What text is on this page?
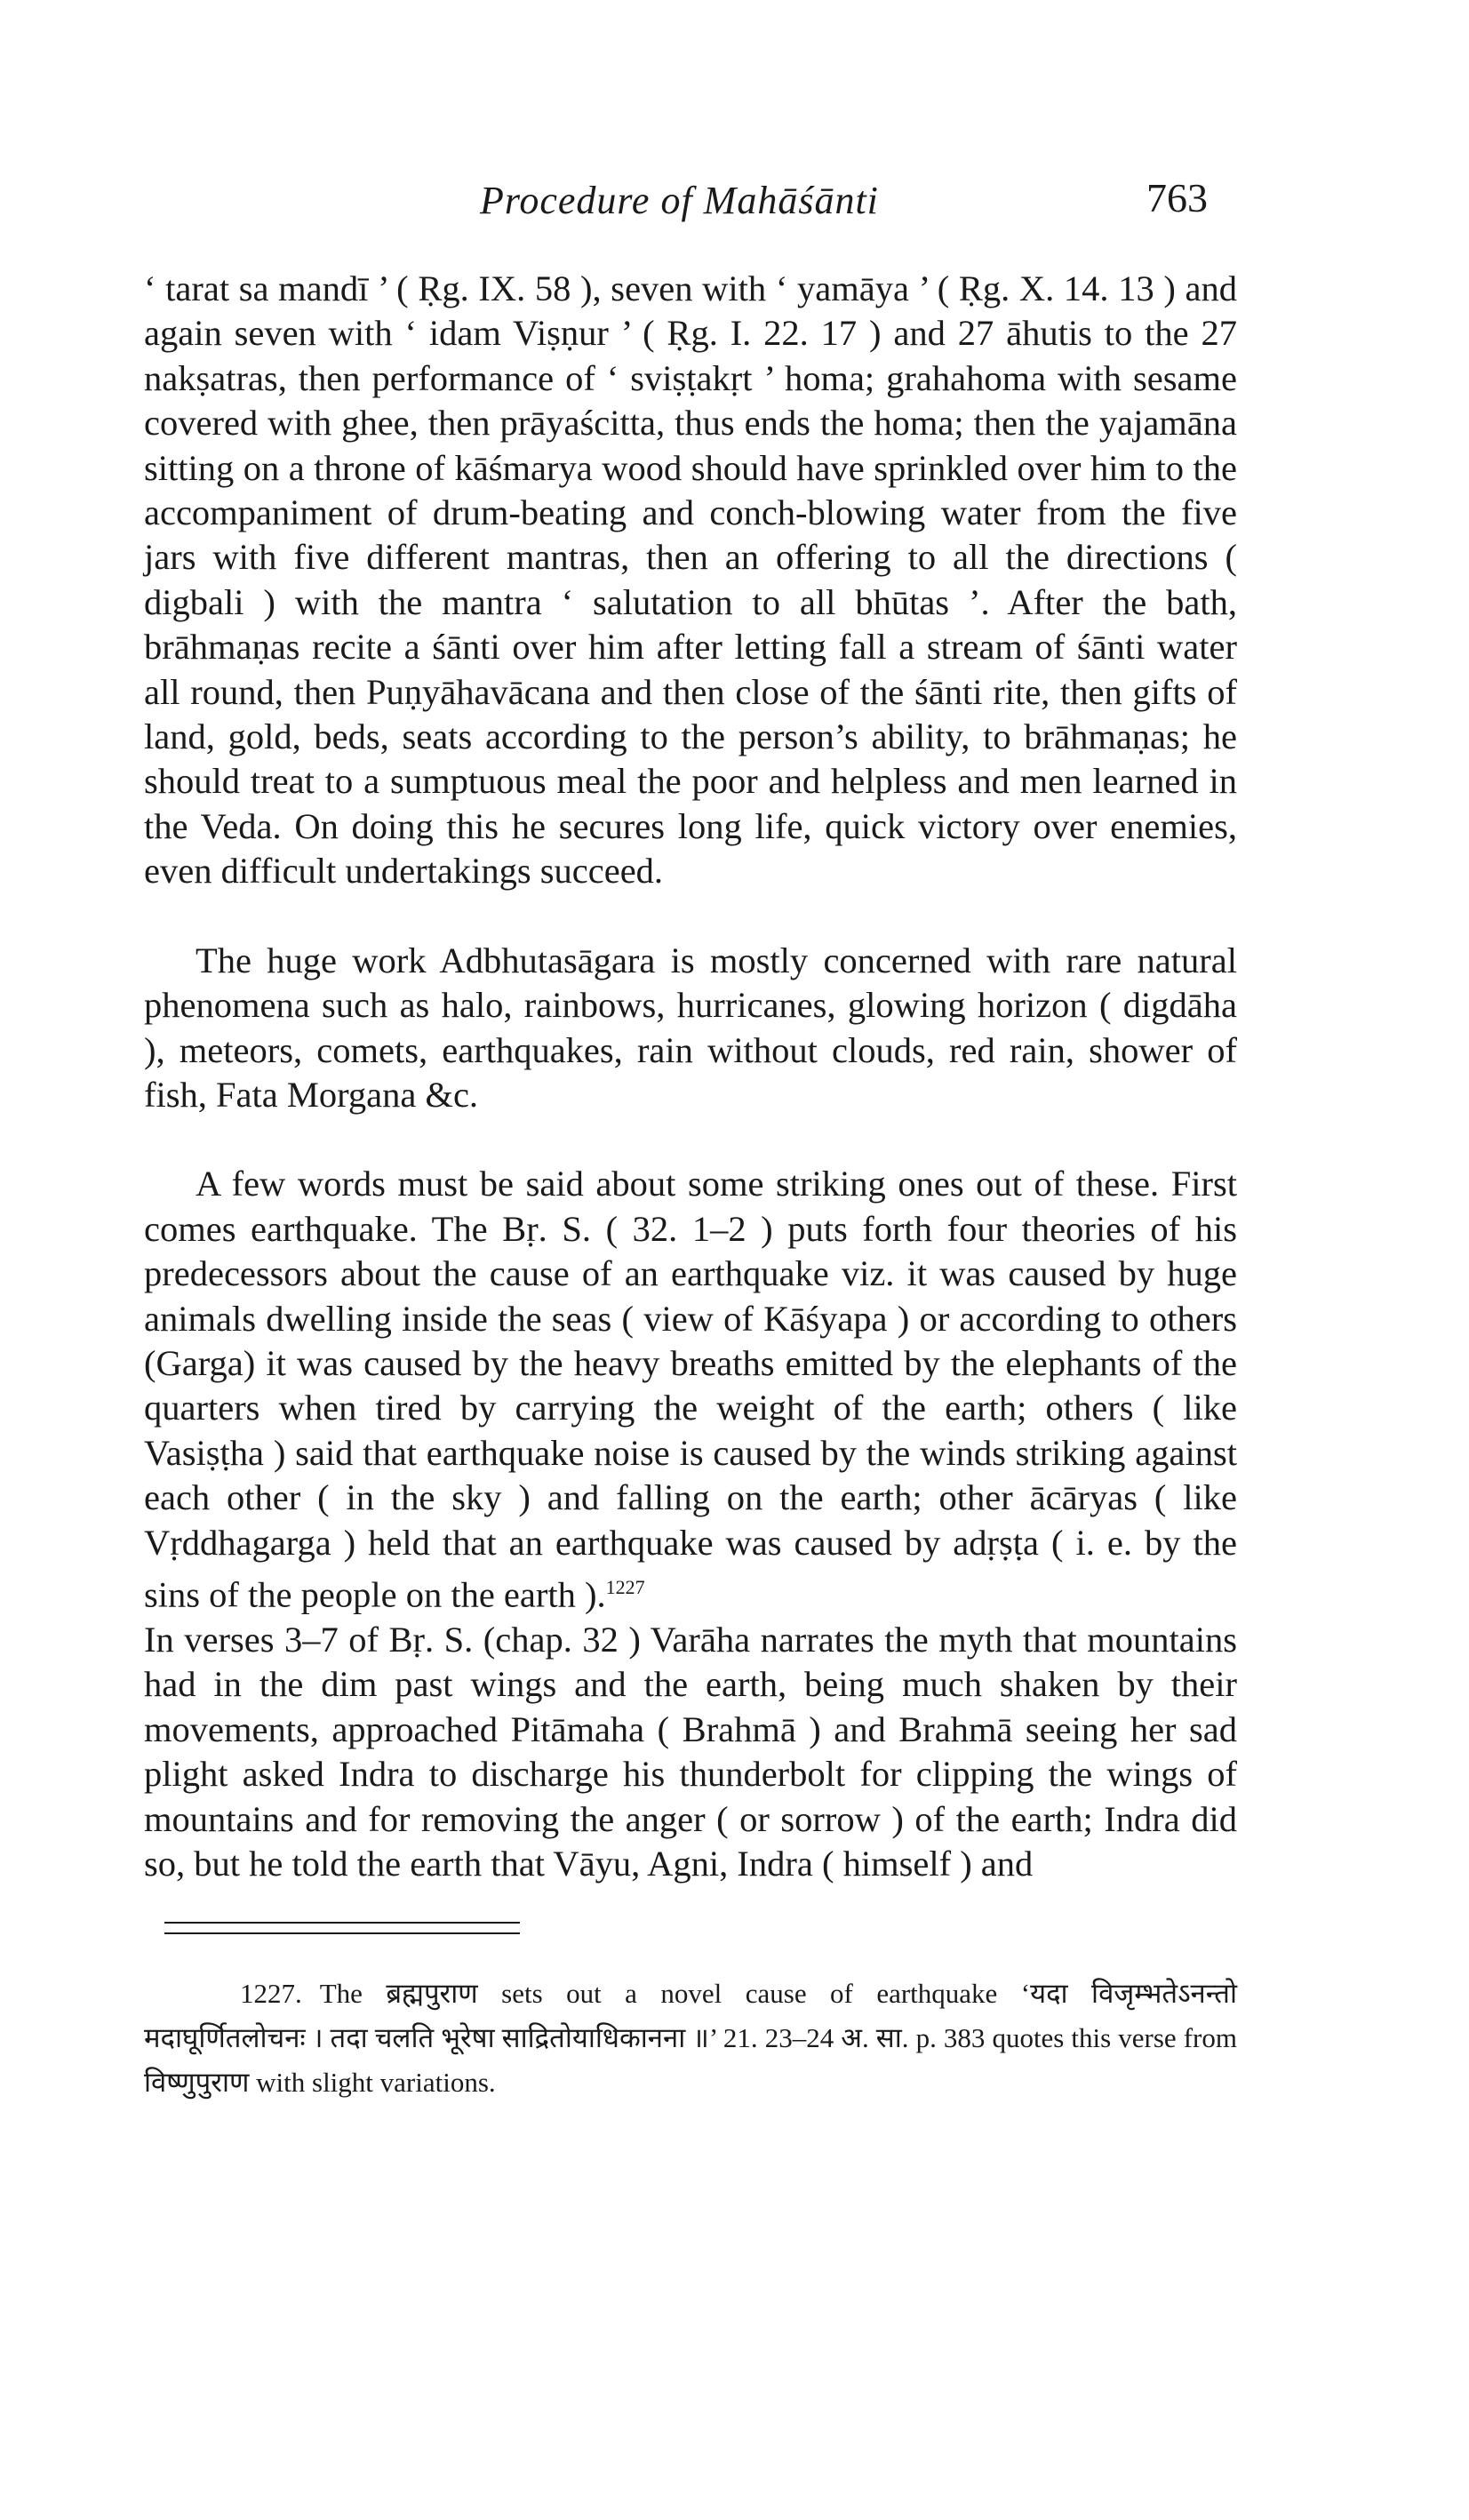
Procedure of Mahāśānti	763

‘ tarat sa mandī ’ ( Ṛg. IX. 58 ), seven with ‘ yamāya ’ ( Ṛg. X. 14. 13 ) and again seven with ‘ idam Viṣṇur ’ ( Ṛg. I. 22. 17 ) and 27 āhutis to the 27 nakṣatras, then performance of ‘ sviṣṭakṛt ’ homa; grahahoma with sesame covered with ghee, then prāyaścitta, thus ends the homa; then the yajamāna sitting on a throne of kāśmarya wood should have sprinkled over him to the accompaniment of drum-beating and conch-blowing water from the five jars with five different mantras, then an offering to all the directions ( digbali ) with the mantra ‘ salutation to all bhūtas ’. After the bath, brāhmaṇas recite a śānti over him after letting fall a stream of śānti water all round, then Puṇyāhavācana and then close of the śānti rite, then gifts of land, gold, beds, seats according to the person’s ability, to brāhmaṇas; he should treat to a sumptuous meal the poor and helpless and men learned in the Veda. On doing this he secures long life, quick victory over enemies, even difficult undertakings succeed.

The huge work Adbhutasāgara is mostly concerned with rare natural phenomena such as halo, rainbows, hurricanes, glowing horizon ( digdāha ), meteors, comets, earthquakes, rain without clouds, red rain, shower of fish, Fata Morgana &c.

A few words must be said about some striking ones out of these. First comes earthquake. The Bṛ. S. ( 32. 1–2 ) puts forth four theories of his predecessors about the cause of an earthquake viz. it was caused by huge animals dwelling inside the seas ( view of Kāśyapa ) or according to others (Garga) it was caused by the heavy breaths emitted by the elephants of the quarters when tired by carrying the weight of the earth; others ( like Vasiṣṭha ) said that earthquake noise is caused by the winds striking against each other ( in the sky ) and falling on the earth; other ācāryas ( like Vṛddhagarga ) held that an earthquake was caused by adṛṣṭa ( i. e. by the sins of the people on the earth ).$^{1227}$

In verses 3–7 of Bṛ. S. (chap. 32 ) Varāha narrates the myth that mountains had in the dim past wings and the earth, being much shaken by their movements, approached Pitāmaha ( Brahmā ) and Brahmā seeing her sad plight asked Indra to discharge his thunderbolt for clipping the wings of mountains and for removing the anger ( or sorrow ) of the earth; Indra did so, but he told the earth that Vāyu, Agni, Indra ( himself ) and

1227. The ब्रह्मपुराण sets out a novel cause of earthquake ‘यदा विजृम्भतेऽनन्तो मदाघूर्णितलोचनः । तदा चलति भूरेषा साद्रितोयाधिकानना ॥’ 21. 23–24 अ. सा. p. 383 quotes this verse from विष्णुपुराण with slight variations.
